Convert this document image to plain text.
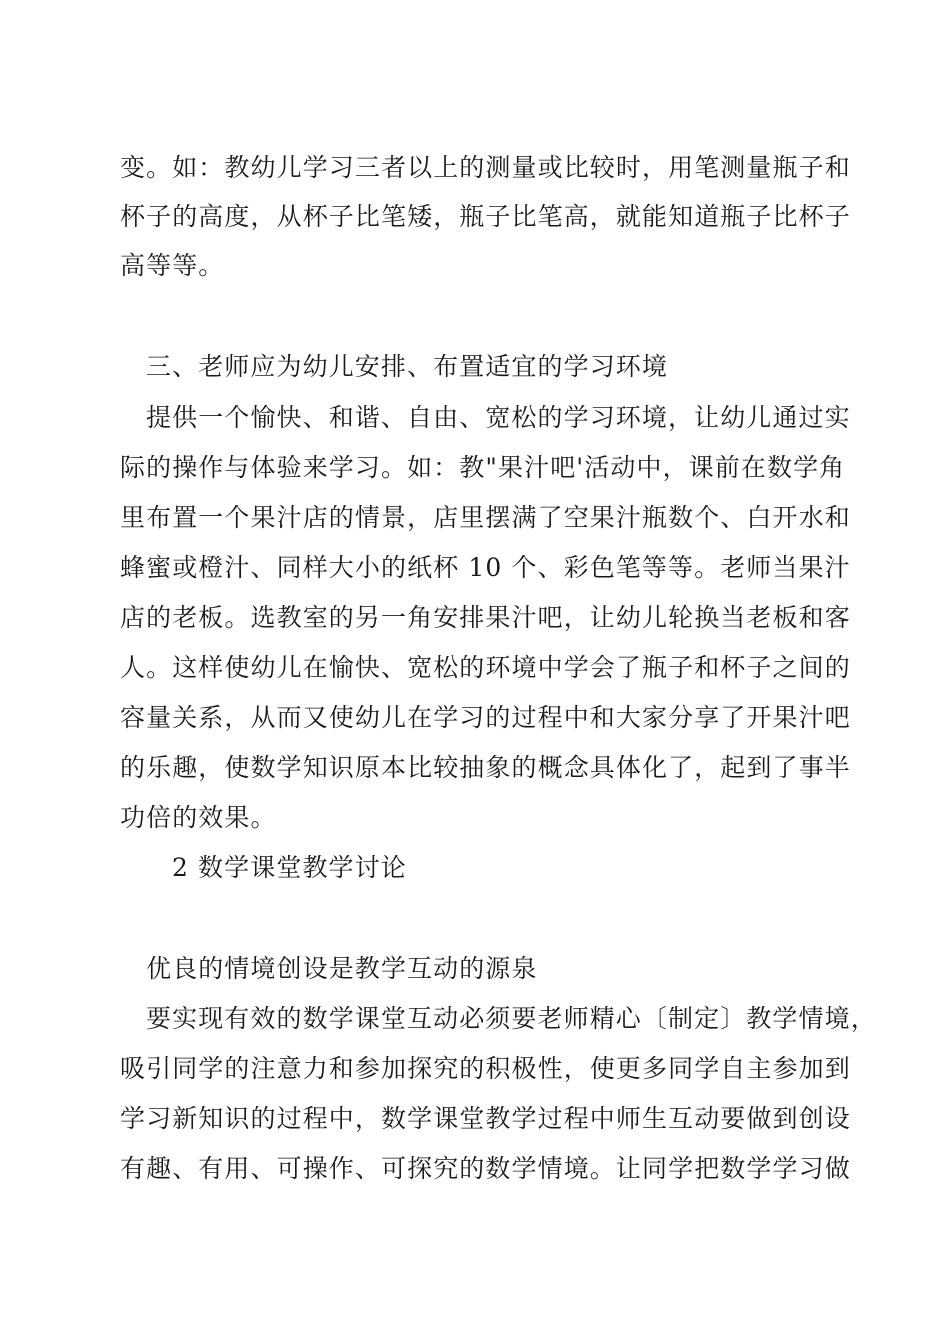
变。如：教幼儿学习三者以上的测量或比较时，用笔测量瓶子和
杯子的高度，从杯子比笔矮，瓶子比笔高，就能知道瓶子比杯子
高等等。
三、老师应为幼儿安排、布置适宜的学习环境
提供一个愉快、和谐、自由、宽松的学习环境，让幼儿通过实
际的操作与体验来学习。如：教"果汁吧'活动中，课前在数学角
里布置一个果汁店的情景，店里摆满了空果汁瓶数个、白开水和
蜂蜜或橙汁、同样大小的纸杯 10 个、彩色笔等等。老师当果汁
店的老板。选教室的另一角安排果汁吧，让幼儿轮换当老板和客
人。这样使幼儿在愉快、宽松的环境中学会了瓶子和杯子之间的
容量关系，从而又使幼儿在学习的过程中和大家分享了开果汁吧
的乐趣，使数学知识原本比较抽象的概念具体化了，起到了事半
功倍的效果。
2 数学课堂教学讨论
优良的情境创设是教学互动的源泉
要实现有效的数学课堂互动必须要老师精心〔制定〕教学情境，
吸引同学的注意力和参加探究的积极性，使更多同学自主参加到
学习新知识的过程中，数学课堂教学过程中师生互动要做到创设
有趣、有用、可操作、可探究的数学情境。让同学把数学学习做
